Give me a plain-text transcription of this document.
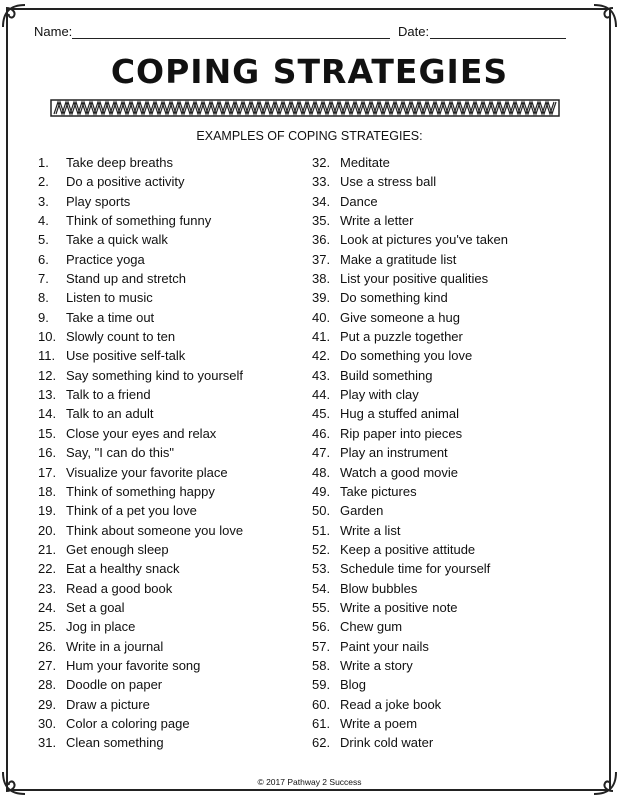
Name:	Date:
COPING STRATEGIES
EXAMPLES OF COPING STRATEGIES:
1. Take deep breaths
2. Do a positive activity
3. Play sports
4. Think of something funny
5. Take a quick walk
6. Practice yoga
7. Stand up and stretch
8. Listen to music
9. Take a time out
10. Slowly count to ten
11. Use positive self-talk
12. Say something kind to yourself
13. Talk to a friend
14. Talk to an adult
15. Close your eyes and relax
16. Say, "I can do this"
17. Visualize your favorite place
18. Think of something happy
19. Think of a pet you love
20. Think about someone you love
21. Get enough sleep
22. Eat a healthy snack
23. Read a good book
24. Set a goal
25. Jog in place
26. Write in a journal
27. Hum your favorite song
28. Doodle on paper
29. Draw a picture
30. Color a coloring page
31. Clean something
32. Meditate
33. Use a stress ball
34. Dance
35. Write a letter
36. Look at pictures you've taken
37. Make a gratitude list
38. List your positive qualities
39. Do something kind
40. Give someone a hug
41. Put a puzzle together
42. Do something you love
43. Build something
44. Play with clay
45. Hug a stuffed animal
46. Rip paper into pieces
47. Play an instrument
48. Watch a good movie
49. Take pictures
50. Garden
51. Write a list
52. Keep a positive attitude
53. Schedule time for yourself
54. Blow bubbles
55. Write a positive note
56. Chew gum
57. Paint your nails
58. Write a story
59. Blog
60. Read a joke book
61. Write a poem
62. Drink cold water
© 2017 Pathway 2 Success
